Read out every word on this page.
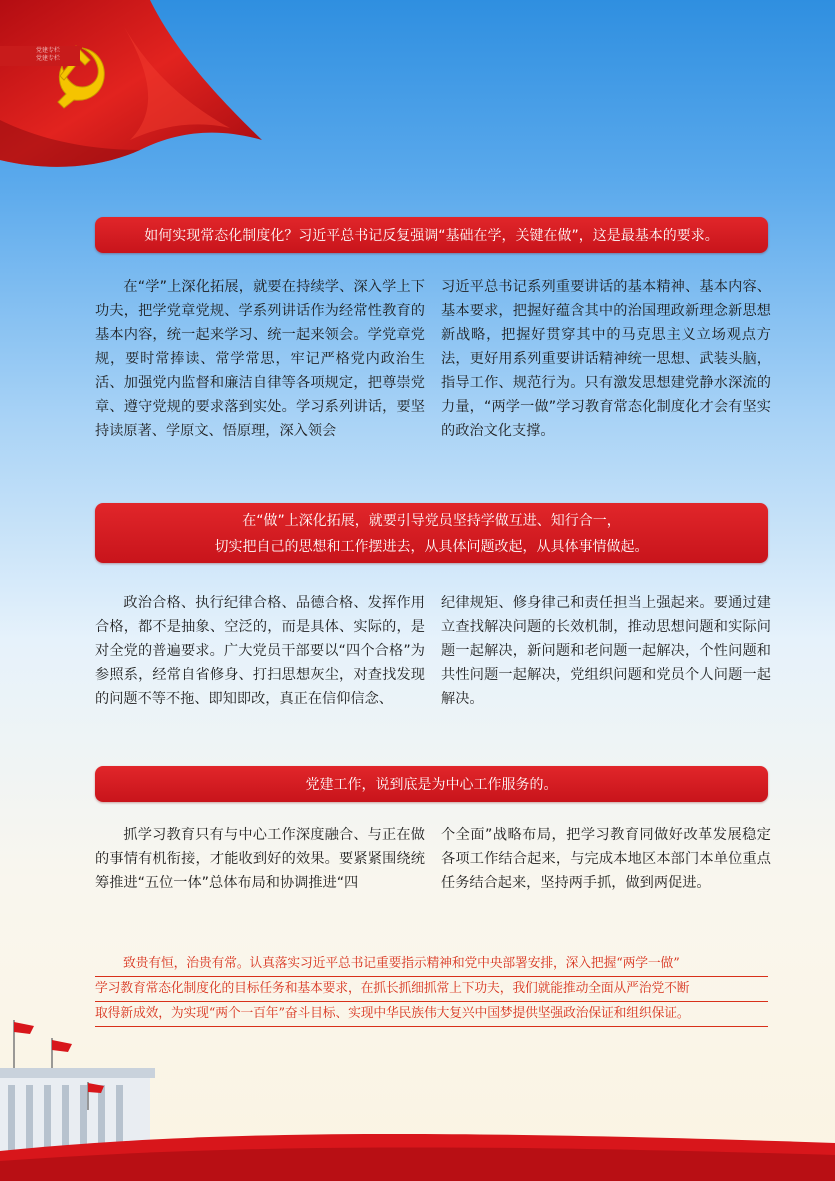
党建专栏
党建专栏
如何实现常态化制度化？习近平总书记反复强调“基础在学，关键在做”，这是最基本的要求。

在“学”上深化拓展，就要在持续学、深入学上下功夫，把学党章党规、学系列讲话作为经常性教育的基本内容，统一起来学习、统一起来领会。学党章党规，要时常捧读、常学常思，牢记严格党内政治生活、加强党内监督和廉洁自律等各项规定，把尊崇党章、遵守党规的要求落到实处。学习系列讲话，要坚持读原著、学原文、悟原理，深入领会

习近平总书记系列重要讲话的基本精神、基本内容、基本要求，把握好蕴含其中的治国理政新理念新思想新战略，把握好贯穿其中的马克思主义立场观点方法，更好用系列重要讲话精神统一思想、武装头脑，指导工作、规范行为。只有激发思想建党静水深流的力量，“两学一做”学习教育常态化制度化才会有坚实的政治文化支撑。

在“做”上深化拓展，就要引导党员坚持学做互进、知行合一，
切实把自己的思想和工作摆进去，从具体问题改起，从具体事情做起。

政治合格、执行纪律合格、品德合格、发挥作用合格，都不是抽象、空泛的，而是具体、实际的，是对全党的普遍要求。广大党员干部要以“四个合格”为参照系，经常自省修身、打扫思想灰尘，对查找发现的问题不等不拖、即知即改，真正在信仰信念、

纪律规矩、修身律己和责任担当上强起来。要通过建立查找解决问题的长效机制，推动思想问题和实际问题一起解决，新问题和老问题一起解决，个性问题和共性问题一起解决，党组织问题和党员个人问题一起解决。

党建工作，说到底是为中心工作服务的。

抓学习教育只有与中心工作深度融合、与正在做的事情有机衔接，才能收到好的效果。要紧紧围绕统筹推进“五位一体”总体布局和协调推进“四

个全面”战略布局，把学习教育同做好改革发展稳定各项工作结合起来，与完成本地区本部门本单位重点任务结合起来，坚持两手抓，做到两促进。

致贵有恒，治贵有常。认真落实习近平总书记重要指示精神和党中央部署安排，深入把握“两学一做”
学习教育常态化制度化的目标任务和基本要求，在抓长抓细抓常上下功夫，我们就能推动全面从严治党不断
取得新成效，为实现“两个一百年”奋斗目标、实现中华民族伟大复兴中国梦提供坚强政治保证和组织保证。
